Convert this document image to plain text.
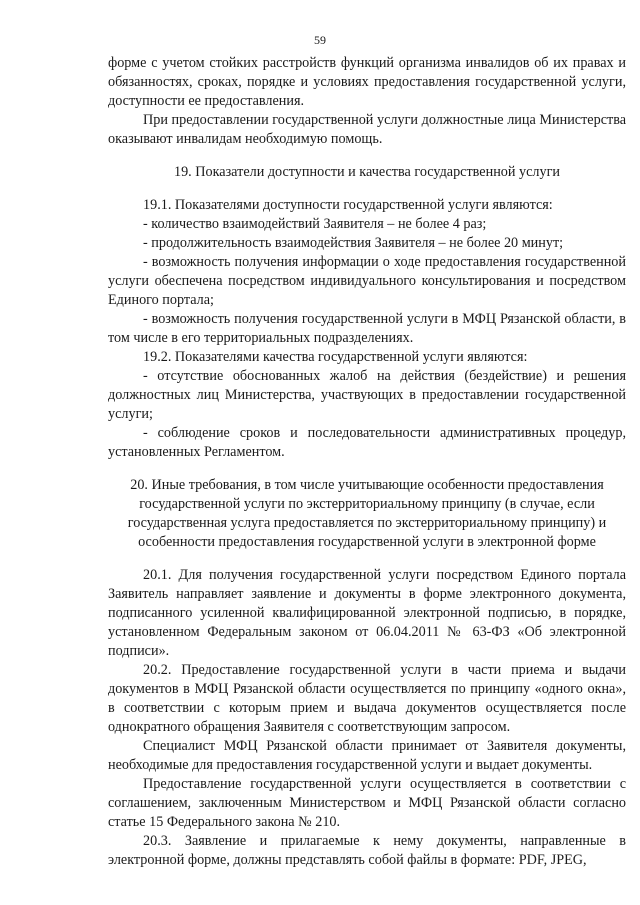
59

форме с учетом стойких расстройств функций организма инвалидов об их правах и обязанностях, сроках, порядке и условиях предоставления государственной услуги, доступности ее предоставления.

При предоставлении государственной услуги должностные лица Министерства оказывают инвалидам необходимую помощь.

19. Показатели доступности и качества государственной услуги

19.1. Показателями доступности государственной услуги являются:

- количество взаимодействий Заявителя – не более 4 раз;

- продолжительность взаимодействия Заявителя – не более 20 минут;

- возможность получения информации о ходе предоставления государственной услуги обеспечена посредством индивидуального консультирования и посредством Единого портала;

- возможность получения государственной услуги в МФЦ Рязанской области, в том числе в его территориальных подразделениях.

19.2. Показателями качества государственной услуги являются:

- отсутствие обоснованных жалоб на действия (бездействие) и решения должностных лиц Министерства, участвующих в предоставлении государственной услуги;

- соблюдение сроков и последовательности административных процедур, установленных Регламентом.

20. Иные требования, в том числе учитывающие особенности предоставления государственной услуги по экстерриториальному принципу (в случае, если государственная услуга предоставляется по экстерриториальному принципу) и особенности предоставления государственной услуги в электронной форме

20.1. Для получения государственной услуги посредством Единого портала Заявитель направляет заявление и документы в форме электронного документа, подписанного усиленной квалифицированной электронной подписью, в порядке, установленном Федеральным законом от 06.04.2011 № 63-ФЗ «Об электронной подписи».

20.2. Предоставление государственной услуги в части приема и выдачи документов в МФЦ Рязанской области осуществляется по принципу «одного окна», в соответствии с которым прием и выдача документов осуществляется после однократного обращения Заявителя с соответствующим запросом.

Специалист МФЦ Рязанской области принимает от Заявителя документы, необходимые для предоставления государственной услуги и выдает документы.

Предоставление государственной услуги осуществляется в соответствии с соглашением, заключенным Министерством и МФЦ Рязанской области согласно статье 15 Федерального закона № 210.

20.3. Заявление и прилагаемые к нему документы, направленные в электронной форме, должны представлять собой файлы в формате: PDF, JPEG,
